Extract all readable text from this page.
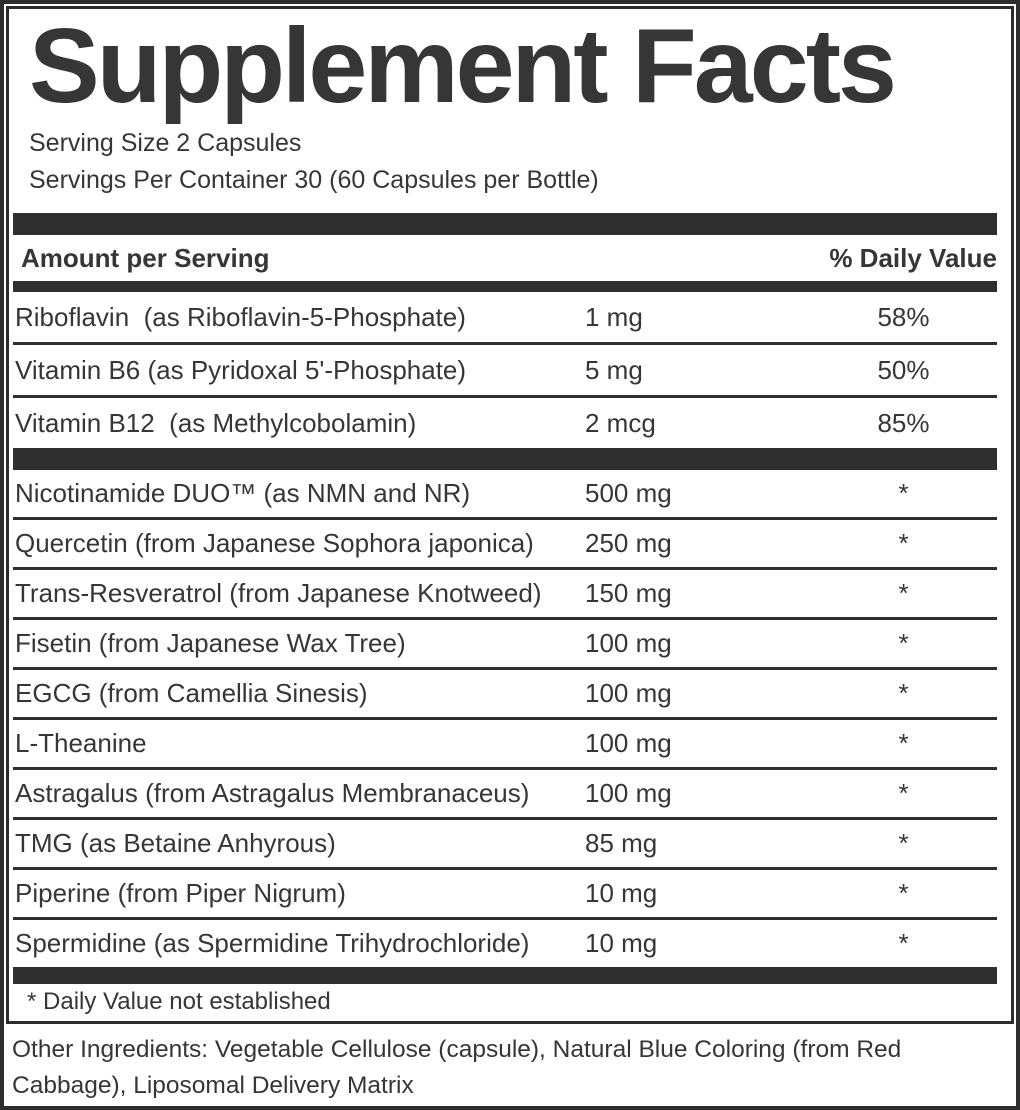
Supplement Facts
Serving Size 2 Capsules
Servings Per Container 30 (60 Capsules per Bottle)
Amount per Serving	% Daily Value
Riboflavin  (as Riboflavin-5-Phosphate)	1 mg	58%
Vitamin B6 (as Pyridoxal 5'-Phosphate)	5 mg	50%
Vitamin B12  (as Methylcobolamin)	2 mcg	85%
Nicotinamide DUO™ (as NMN and NR)	500 mg	*
Quercetin (from Japanese Sophora japonica)	250 mg	*
Trans-Resveratrol (from Japanese Knotweed)	150 mg	*
Fisetin (from Japanese Wax Tree)	100 mg	*
EGCG (from Camellia Sinesis)	100 mg	*
L-Theanine	100 mg	*
Astragalus (from Astragalus Membranaceus)	100 mg	*
TMG (as Betaine Anhyrous)	85 mg	*
Piperine (from Piper Nigrum)	10 mg	*
Spermidine (as Spermidine Trihydrochloride)	10 mg	*
* Daily Value not established
Other Ingredients: Vegetable Cellulose (capsule), Natural Blue Coloring (from Red Cabbage), Liposomal Delivery Matrix
